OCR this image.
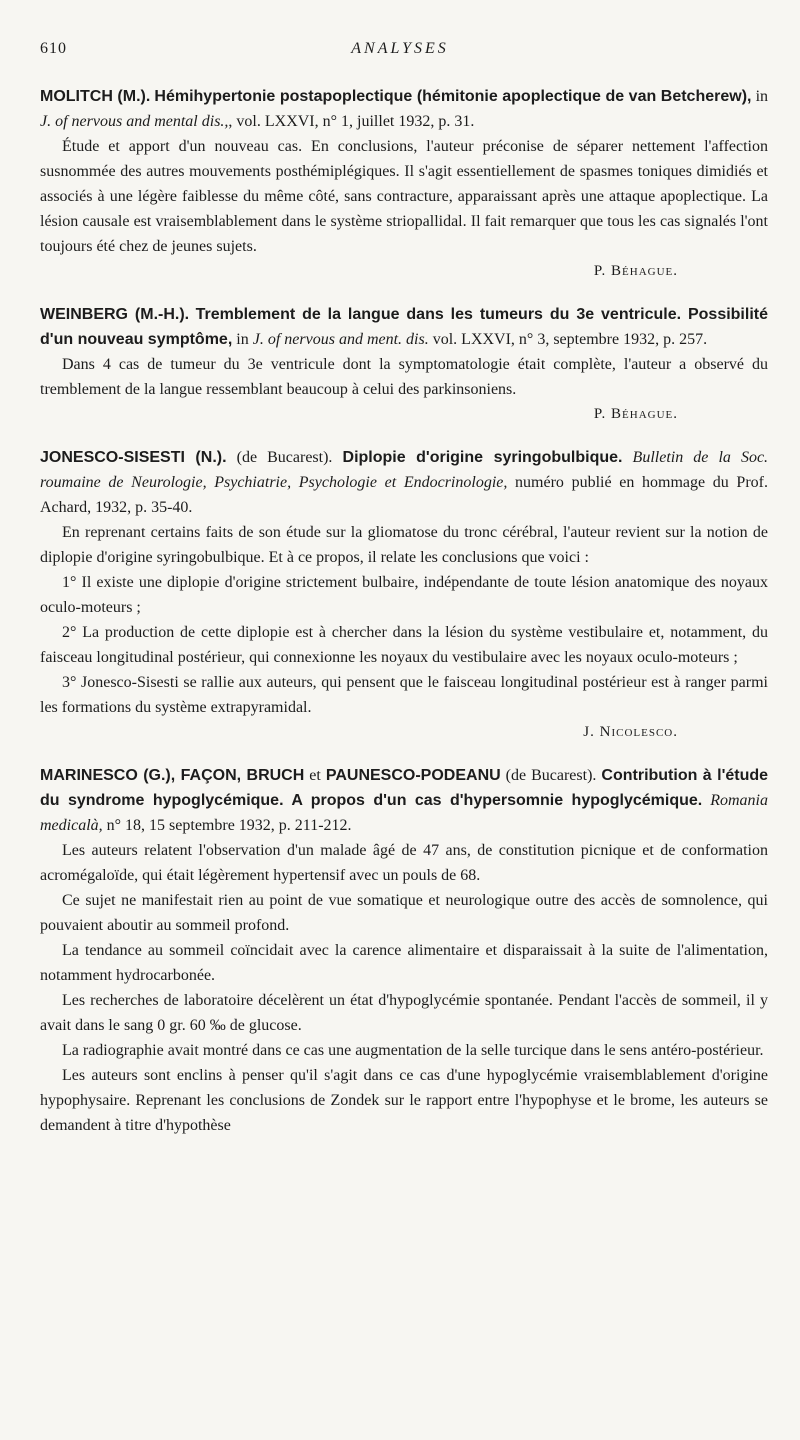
610	ANALYSES

MOLITCH (M.). Hémihypertonie postapoplectique (hémitonie apoplectique de van Betcherew), in J. of nervous and mental dis.,, vol. LXXVI, n° 1, juillet 1932, p. 31.

Étude et apport d'un nouveau cas. En conclusions, l'auteur préconise de séparer nettement l'affection susnommée des autres mouvements posthémiplégiques. Il s'agit essentiellement de spasmes toniques dimidiés et associés à une légère faiblesse du même côté, sans contracture, apparaissant après une attaque apoplectique. La lésion causale est vraisemblablement dans le système striopallidal. Il fait remarquer que tous les cas signalés l'ont toujours été chez de jeunes sujets.

P. Béhague.

WEINBERG (M.-H.). Tremblement de la langue dans les tumeurs du 3e ventricule. Possibilité d'un nouveau symptôme, in J. of nervous and ment. dis. vol. LXXVI, n° 3, septembre 1932, p. 257.

Dans 4 cas de tumeur du 3e ventricule dont la symptomatologie était complète, l'auteur a observé du tremblement de la langue ressemblant beaucoup à celui des parkinsoniens.

P. Béhague.

JONESCO-SISESTI (N.). (de Bucarest). Diplopie d'origine syringobulbique. Bulletin de la Soc. roumaine de Neurologie, Psychiatrie, Psychologie et Endocrinologie, numéro publié en hommage du Prof. Achard, 1932, p. 35-40.

En reprenant certains faits de son étude sur la gliomatose du tronc cérébral, l'auteur revient sur la notion de diplopie d'origine syringobulbique. Et à ce propos, il relate les conclusions que voici :

1° Il existe une diplopie d'origine strictement bulbaire, indépendante de toute lésion anatomique des noyaux oculo-moteurs ;

2° La production de cette diplopie est à chercher dans la lésion du système vestibulaire et, notamment, du faisceau longitudinal postérieur, qui connexionne les noyaux du vestibulaire avec les noyaux oculo-moteurs ;

3° Jonesco-Sisesti se rallie aux auteurs, qui pensent que le faisceau longitudinal postérieur est à ranger parmi les formations du système extrapyramidal.

J. Nicolesco.

MARINESCO (G.), FAÇON, BRUCH et PAUNESCO-PODEANU (de Bucarest). Contribution à l'étude du syndrome hypoglycémique. A propos d'un cas d'hypersomnie hypoglycémique. Romania medicalà, n° 18, 15 septembre 1932, p. 211-212.

Les auteurs relatent l'observation d'un malade âgé de 47 ans, de constitution picnique et de conformation acromégaloïde, qui était légèrement hypertensif avec un pouls de 68.

Ce sujet ne manifestait rien au point de vue somatique et neurologique outre des accès de somnolence, qui pouvaient aboutir au sommeil profond.

La tendance au sommeil coïncidait avec la carence alimentaire et disparaissait à la suite de l'alimentation, notamment hydrocarbonée.

Les recherches de laboratoire décelèrent un état d'hypoglycémie spontanée. Pendant l'accès de sommeil, il y avait dans le sang 0 gr. 60 ‰ de glucose.

La radiographie avait montré dans ce cas une augmentation de la selle turcique dans le sens antéro-postérieur.

Les auteurs sont enclins à penser qu'il s'agit dans ce cas d'une hypoglycémie vraisemblablement d'origine hypophysaire. Reprenant les conclusions de Zondek sur le rapport entre l'hypophyse et le brome, les auteurs se demandent à titre d'hypothèse
